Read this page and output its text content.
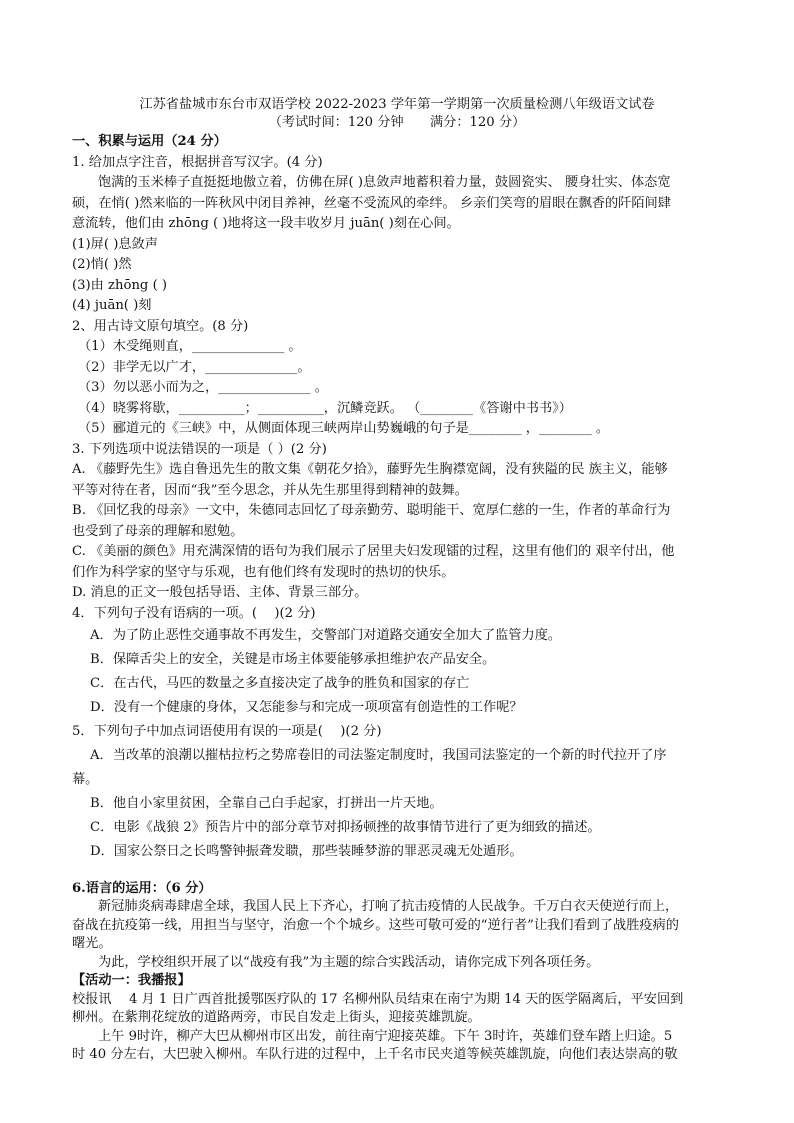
江苏省盐城市东台市双语学校 2022-2023 学年第一学期第一次质量检测八年级语文试卷
（考试时间：120 分钟　　满分：120 分）
一、积累与运用（24 分）
1. 给加点字注音，根据拼音写汉字。(4 分)
饱满的玉米棒子直挺挺地傲立着，仿佛在屏( )息敛声地蓄积着力量，鼓圆瓷实、 腰身壮实、体态宽
硕，在悄( )然来临的一阵秋风中闭目养神，丝毫不受流风的牵绊。 乡亲们笑弯的眉眼在飘香的阡陌间肆
意流转，他们由 zhōng ( )地将这一段丰收岁月 juān( )刻在心间。
(1)屏( )息敛声
(2)悄( )然
(3)由 zhōng ( )
(4) juān( )刻
2、用古诗文原句填空。(8 分)
（1）木受绳则直，______________ 。
（2）非学无以广才，______________。
（3）勿以恶小而为之，______________ 。
（4）晓雾将歇，__________；__________，沉鳞竞跃。 （________《答谢中书书》）
（5）郦道元的《三峡》中，从侧面体现三峡两岸山势巍峨的句子是________ ，________ 。
3. 下列选项中说法错误的一项是（ ）(2 分)
A. 《藤野先生》选自鲁迅先生的散文集《朝花夕拾》，藤野先生胸襟宽阔，没有狭隘的民 族主义，能够
平等对待在者，因而“我”至今思念，并从先生那里得到精神的鼓舞。
B. 《回忆我的母亲》一文中，朱德同志回忆了母亲勤劳、聪明能干、宽厚仁慈的一生，作者的革命行为
也受到了母亲的理解和慰勉。
C. 《美丽的颜色》用充满深情的语句为我们展示了居里夫妇发现镭的过程，这里有他们的 艰辛付出，他
们作为科学家的坚守与乐观，也有他们终有发现时的热切的快乐。
D. 消息的正文一般包括导语、主体、背景三部分。
4．下列句子没有语病的一项。(　 )(2 分)
A．为了防止恶性交通事故不再发生，交警部门对道路交通安全加大了监管力度。
B．保障舌尖上的安全，关键是市场主体要能够承担维护农产品安全。
C．在古代，马匹的数量之多直接决定了战争的胜负和国家的存亡
D．没有一个健康的身体，又怎能参与和完成一项项富有创造性的工作呢？
5．下列句子中加点词语使用有误的一项是(　 )(2 分)
A．当改革的浪潮以摧枯拉朽之势席卷旧的司法鉴定制度时，我国司法鉴定的一个新的时代拉开了序
幕。
B．他自小家里贫困，全靠自己白手起家，打拼出一片天地。
C．电影《战狼 2》预告片中的部分章节对抑扬顿挫的故事情节进行了更为细致的描述。
D．国家公祭日之长鸣警钟振聋发聩，那些装睡梦游的罪恶灵魂无处遁形。
6.语言的运用：（6 分）
新冠肺炎病毒肆虐全球，我国人民上下齐心，打响了抗击疫情的人民战争。千万白衣天使逆行而上，
奋战在抗疫第一线，用担当与坚守，治愈一个个城乡。这些可敬可爱的“逆行者”让我们看到了战胜疫病的
曙光。
为此，学校组织开展了以“战疫有我”为主题的综合实践活动，请你完成下列各项任务。
【活动一：我播报】
校报讯　 4 月 1 日广西首批援鄂医疗队的 17 名柳州队员结束在南宁为期 14 天的医学隔离后，平安回到
柳州。在紫荆花绽放的道路两旁，市民自发走上街头，迎接英雄凯旋。
上午 9时许，柳产大巴从柳州市区出发，前往南宁迎接英雄。下午 3时许，英雄们登车踏上归途。5
时 40 分左右，大巴驶入柳州。车队行进的过程中，上千名市民夹道等候英雄凯旋，向他们表达崇高的敬
